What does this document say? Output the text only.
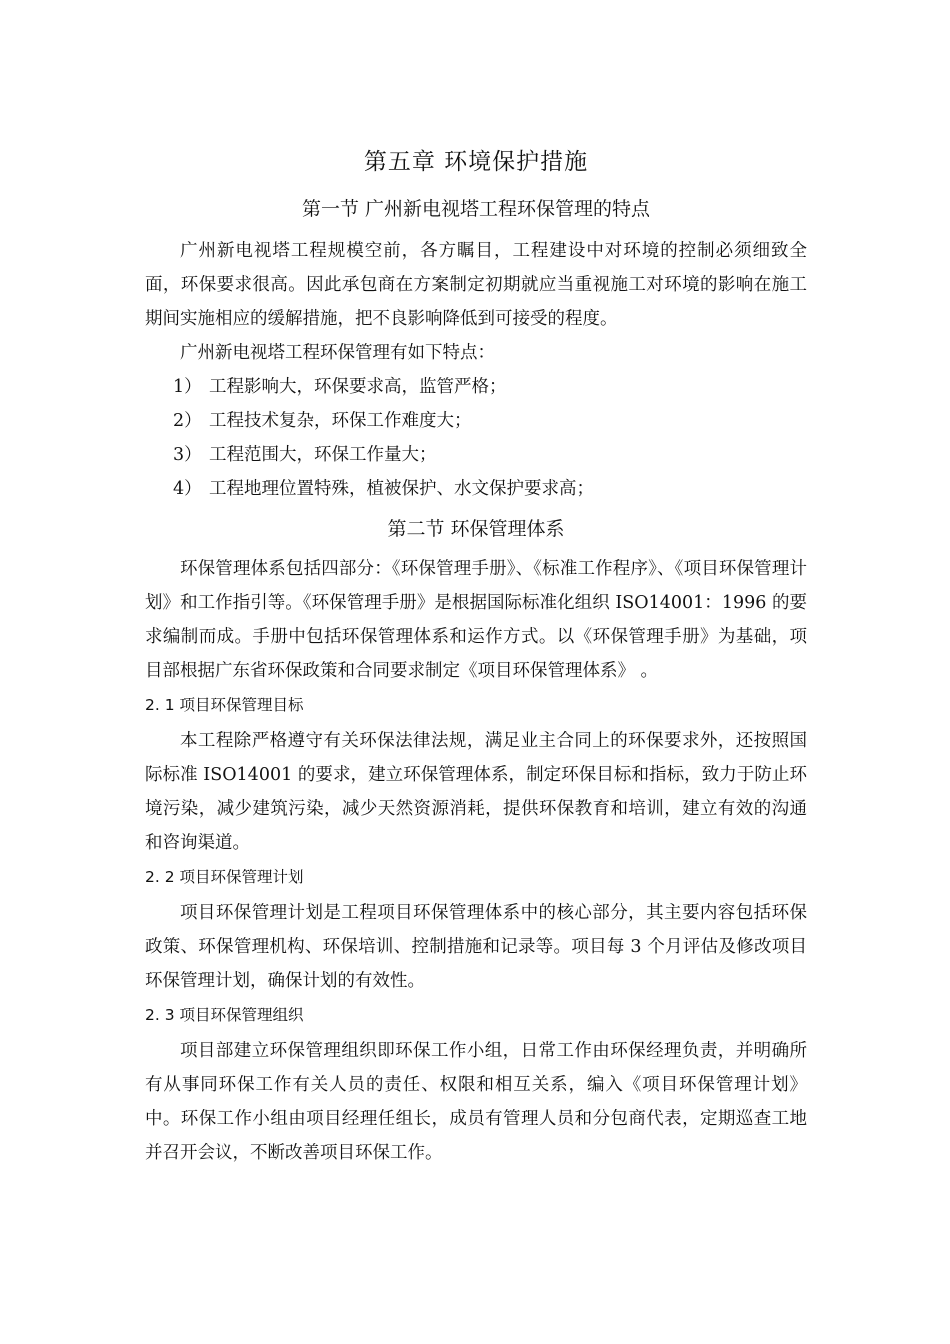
第五章 环境保护措施
第一节 广州新电视塔工程环保管理的特点

广州新电视塔工程规模空前，各方瞩目，工程建设中对环境的控制必须细致全面，环保要求很高。因此承包商在方案制定初期就应当重视施工对环境的影响在施工期间实施相应的缓解措施，把不良影响降低到可接受的程度。

广州新电视塔工程环保管理有如下特点：

1） 工程影响大，环保要求高，监管严格；
2） 工程技术复杂，环保工作难度大；
3） 工程范围大，环保工作量大；
4） 工程地理位置特殊，植被保护、水文保护要求高；
第二节 环保管理体系

环保管理体系包括四部分：《环保管理手册》、《标准工作程序》、《项目环保管理计划》和工作指引等。《环保管理手册》是根据国际标准化组织 ISO14001：1996 的要求编制而成。手册中包括环保管理体系和运作方式。以《环保管理手册》为基础，项目部根据广东省环保政策和合同要求制定《项目环保管理体系》 。

2. 1 项目环保管理目标

本工程除严格遵守有关环保法律法规，满足业主合同上的环保要求外，还按照国际标准 ISO14001 的要求，建立环保管理体系，制定环保目标和指标，致力于防止环境污染，减少建筑污染，减少天然资源消耗，提供环保教育和培训，建立有效的沟通和咨询渠道。

2. 2 项目环保管理计划

项目环保管理计划是工程项目环保管理体系中的核心部分，其主要内容包括环保政策、环保管理机构、环保培训、控制措施和记录等。项目每 3 个月评估及修改项目环保管理计划，确保计划的有效性。

2. 3 项目环保管理组织

项目部建立环保管理组织即环保工作小组，日常工作由环保经理负责，并明确所有从事同环保工作有关人员的责任、权限和相互关系，编入《项目环保管理计划》中。环保工作小组由项目经理任组长，成员有管理人员和分包商代表，定期巡查工地并召开会议，不断改善项目环保工作。
